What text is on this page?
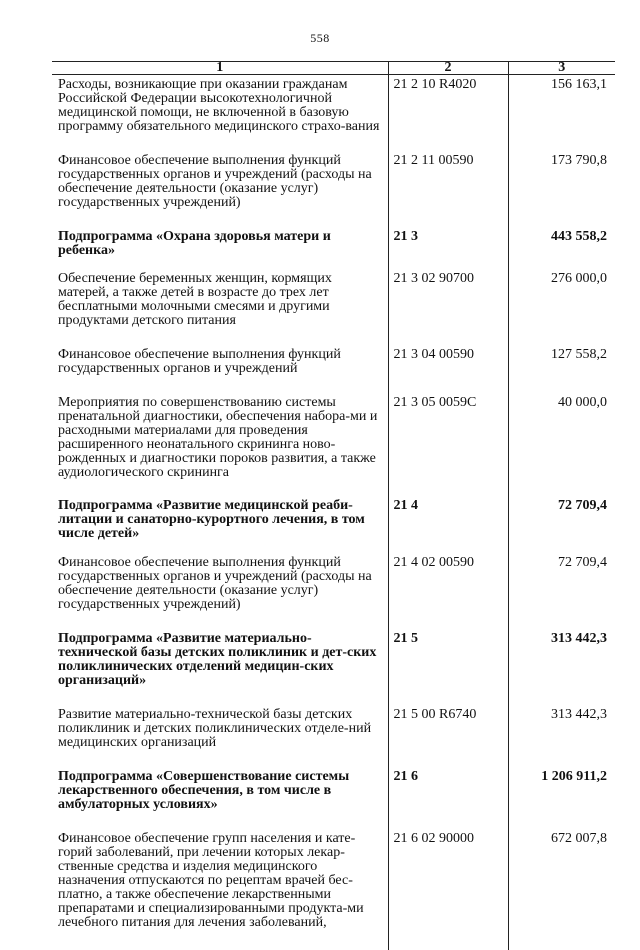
558
1	2	3
Расходы, возникающие при оказании гражданам Российской Федерации высокотехнологичной медицинской помощи, не включенной в базовую программу обязательного медицинского страхо-вания	21 2 10 R4020	156 163,1
Финансовое обеспечение выполнения функций государственных органов и учреждений (расходы на обеспечение деятельности (оказание услуг) государственных учреждений)	21 2 11 00590	173 790,8
Подпрограмма «Охрана здоровья матери и ребенка»	21 3	443 558,2
Обеспечение беременных женщин, кормящих матерей, а также детей в возрасте до трех лет бесплатными молочными смесями и другими продуктами детского питания	21 3 02 90700	276 000,0
Финансовое обеспечение выполнения функций государственных органов и учреждений	21 3 04 00590	127 558,2
Мероприятия по совершенствованию системы пренатальной диагностики, обеспечения набора-ми и расходными материалами для проведения расширенного неонатального скрининга ново-рожденных и диагностики пороков развития, а также аудиологического скрининга	21 3 05 0059С	40 000,0
Подпрограмма «Развитие медицинской реаби-литации и санаторно-курортного лечения, в том числе детей»	21 4	72 709,4
Финансовое обеспечение выполнения функций государственных органов и учреждений (расходы на обеспечение деятельности (оказание услуг) государственных учреждений)	21 4 02 00590	72 709,4
Подпрограмма «Развитие материально-технической базы детских поликлиник и дет-ских поликлинических отделений медицин-ских организаций»	21 5	313 442,3
Развитие материально-технической базы детских поликлиник и детских поликлинических отделе-ний медицинских организаций	21 5 00 R6740	313 442,3
Подпрограмма «Совершенствование системы лекарственного обеспечения, в том числе в амбулаторных условиях»	21 6	1 206 911,2
Финансовое обеспечение групп населения и кате-горий заболеваний, при лечении которых лекар-ственные средства и изделия медицинского назначения отпускаются по рецептам врачей бес-платно, а также обеспечение лекарственными препаратами и специализированными продукта-ми лечебного питания для лечения заболеваний,	21 6 02 90000	672 007,8
